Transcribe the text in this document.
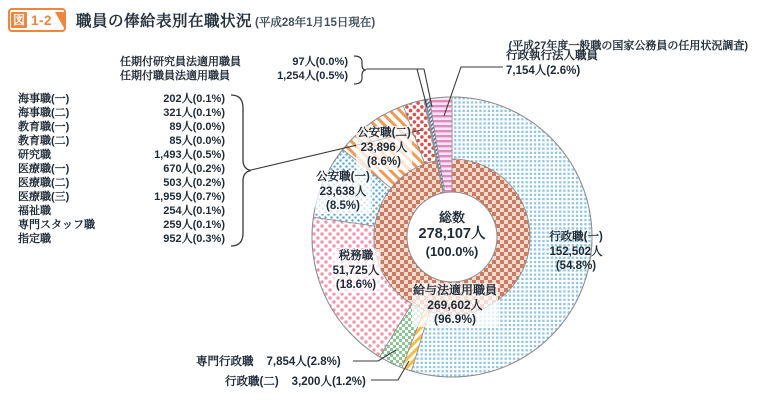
図 1-2 職員の俸給表別在職状況 (平成28年1月15日現在)
(平成27年度一般職の国家公務員の任用状況調査)
任期付研究員法適用職員	97人(0.0%)
任期付職員法適用職員	1,254人(0.5%)
海事職(一)	202人(0.1%)
海事職(二)	321人(0.1%)
教育職(一)	89人(0.0%)
教育職(二)	85人(0.0%)
研究職	1,493人(0.5%)
医療職(一)	670人(0.2%)
医療職(二)	503人(0.2%)
医療職(三)	1,959人(0.7%)
福祉職	254人(0.1%)
専門スタッフ職	259人(0.1%)
指定職	952人(0.3%)
行政執行法人職員
7,154人(2.6%)
公安職(二)
23,896人
(8.6%)
公安職(一)
23,638人
(8.5%)
税務職
51,725人
(18.6%)
行政職(一)
152,502人
(54.8%)
総数
278,107人
(100.0%)
給与法適用職員
269,602人
(96.9%)
専門行政職 7,854人(2.8%)
行政職(二) 3,200人(1.2%)
